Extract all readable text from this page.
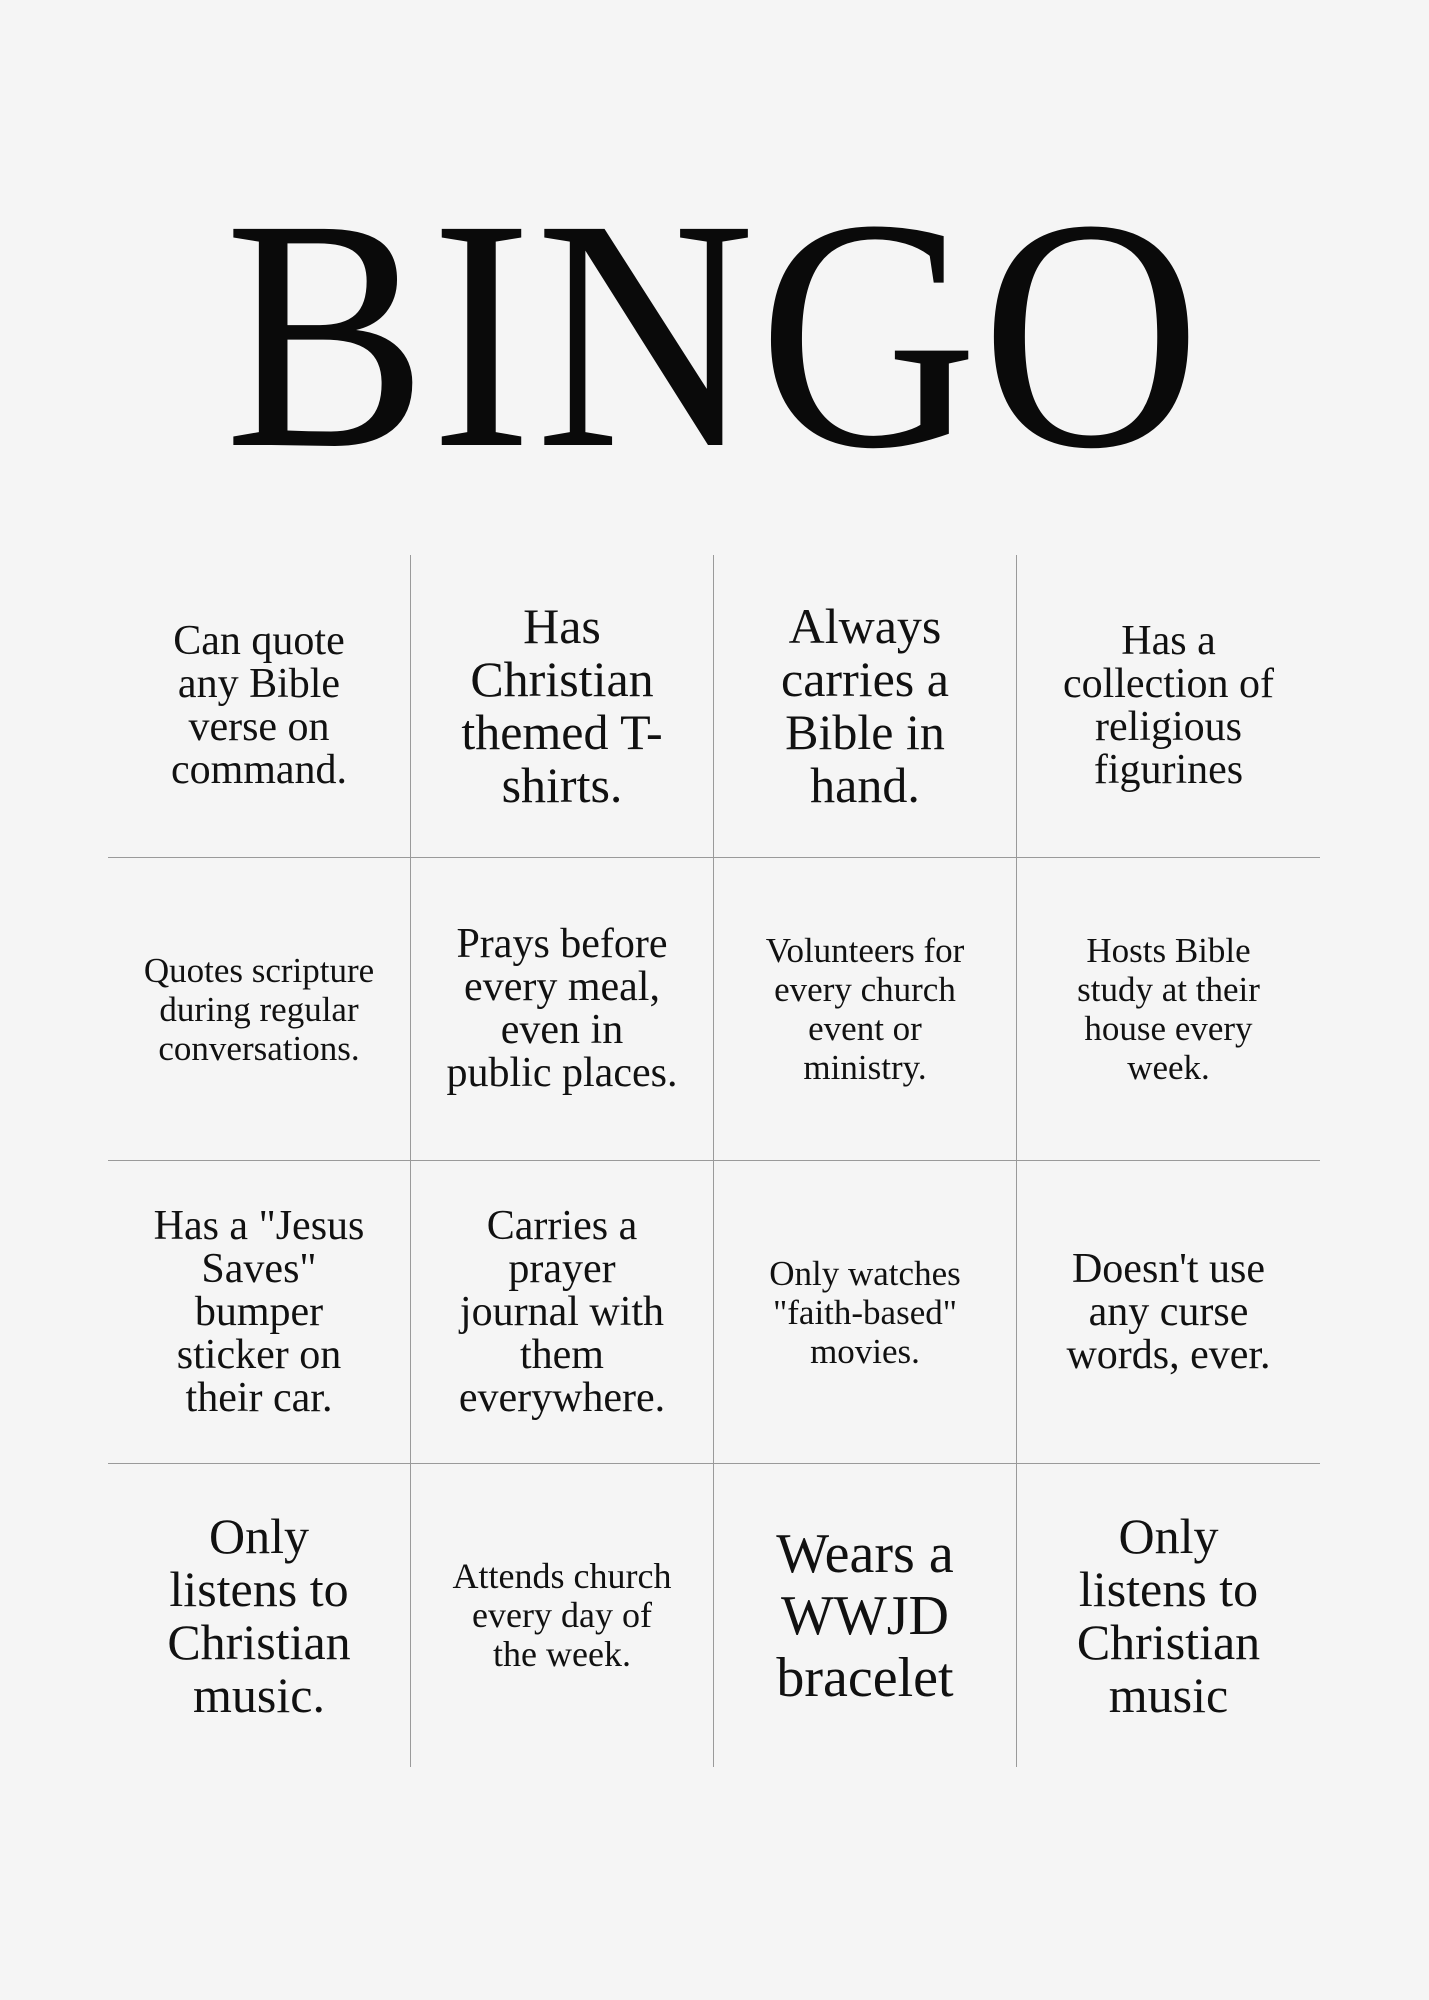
BINGO
Can quote any Bible verse on command.
Has Christian themed T-shirts.
Always carries a Bible in hand.
Has a collection of religious figurines
Quotes scripture during regular conversations.
Prays before every meal, even in public places.
Volunteers for every church event or ministry.
Hosts Bible study at their house every week.
Has a "Jesus Saves" bumper sticker on their car.
Carries a prayer journal with them everywhere.
Only watches "faith-based" movies.
Doesn't use any curse words, ever.
Only listens to Christian music.
Attends church every day of the week.
Wears a WWJD bracelet
Only listens to Christian music
